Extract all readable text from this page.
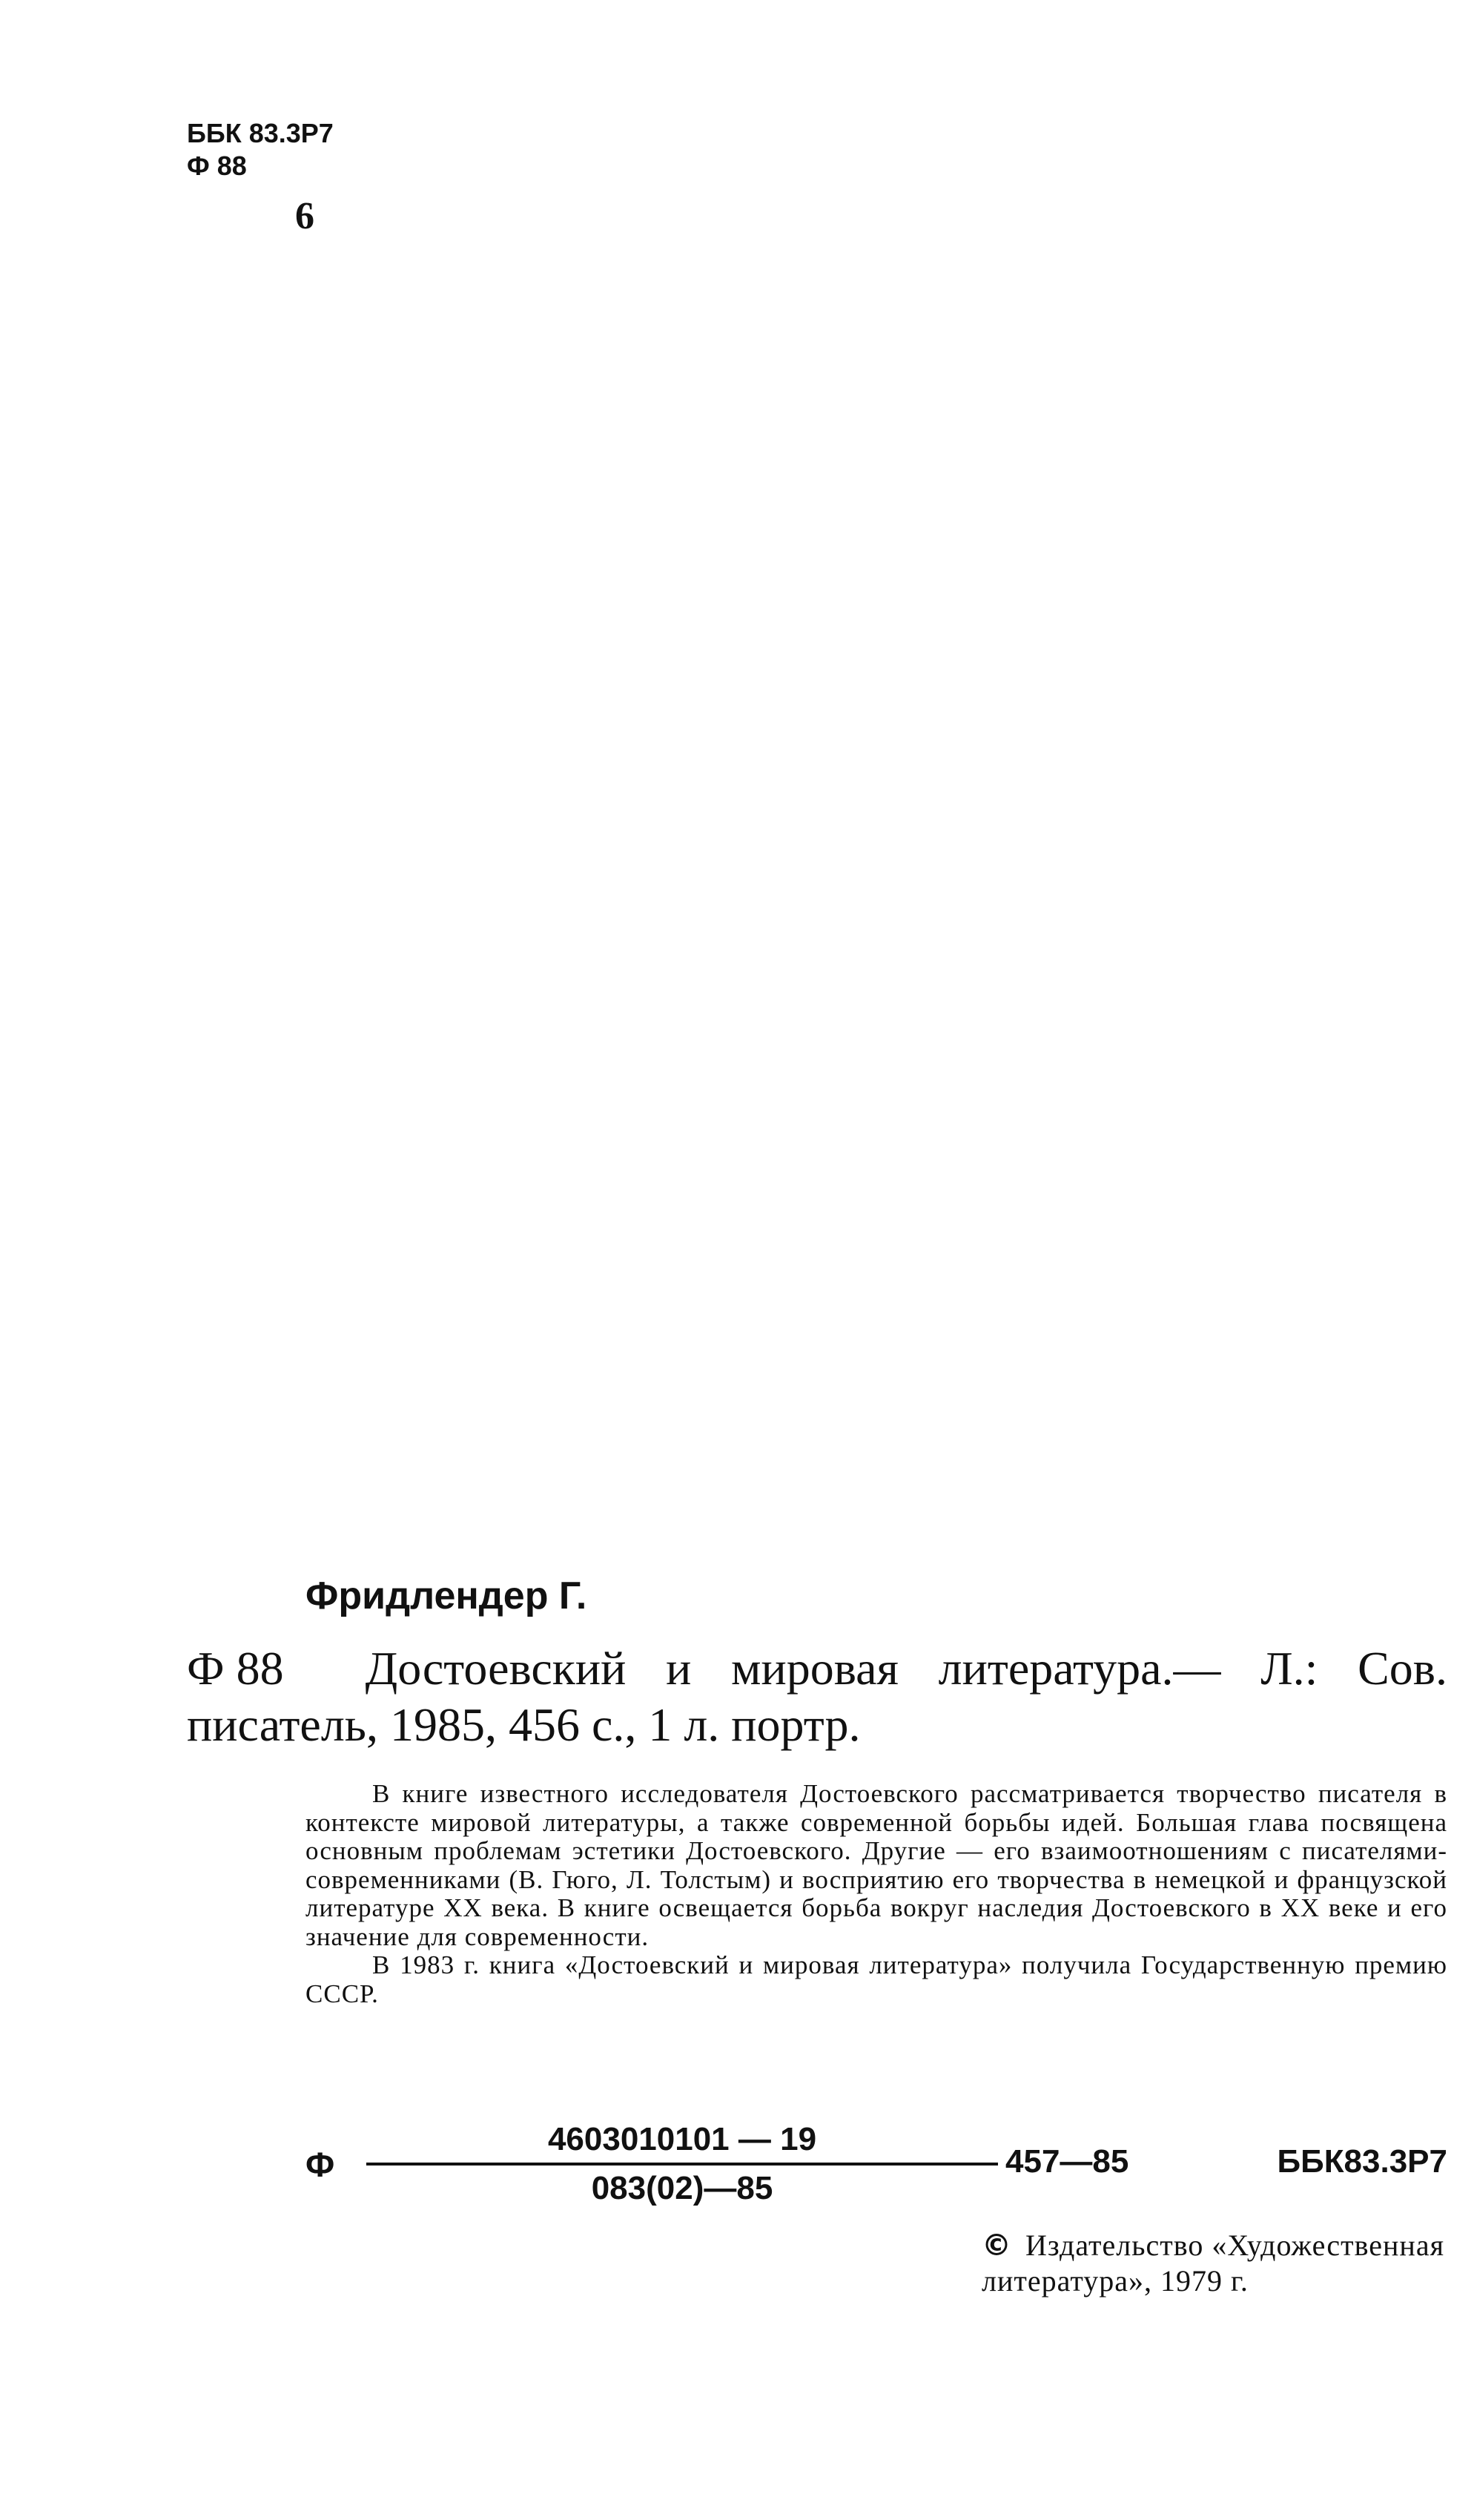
ББК 83.3Р7
Ф 88
6
Фридлендер Г.
Ф 88 Достоевский и мировая литература.— Л.: Сов.
писатель, 1985, 456 с., 1 л. портр.

В книге известного исследователя Достоевского рассматривается творчество писателя в контексте мировой литературы, а также современной борьбы идей. Большая глава посвящена основным проблемам эстетики Достоевского. Другие — его взаимоотношениям с писателями-современниками (В. Гюго, Л. Толстым) и восприятию его творчества в немецкой и французской литературе XX века. В книге освещается борьба вокруг наследия Достоевского в XX веке и его значение для современности.

В 1983 г. книга «Достоевский и мировая литература» получила Государственную премию СССР.

Ф
4603010101 — 19
083(02)—85
457—85	ББК83.3Р7
© Издательство «Художественная литература», 1979 г.
